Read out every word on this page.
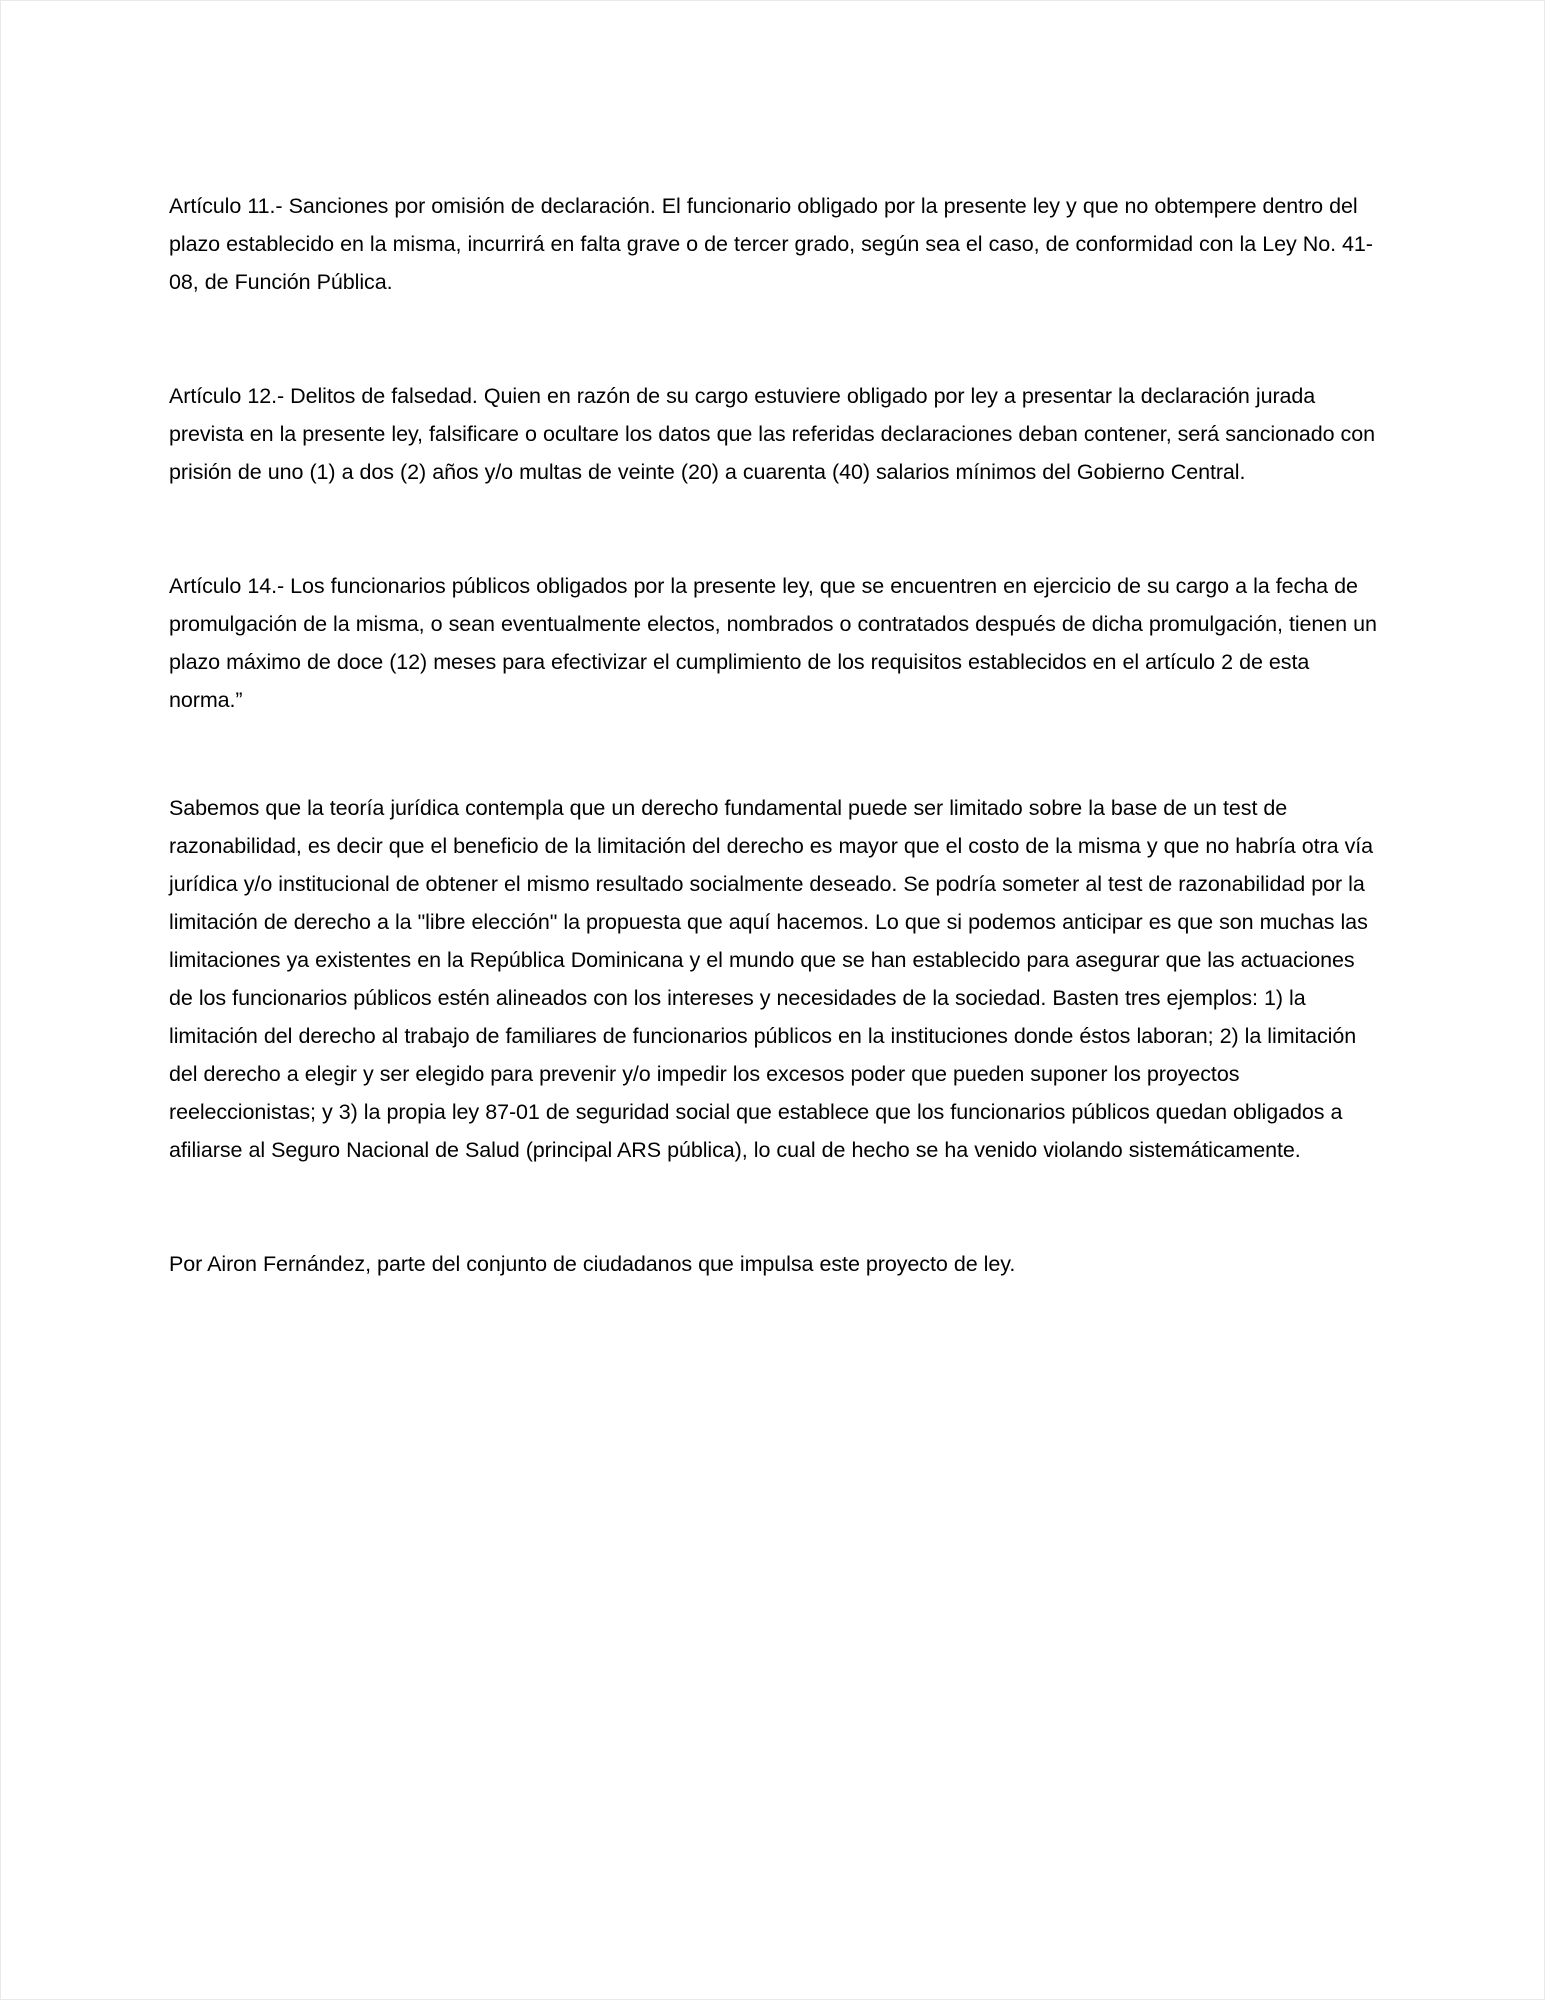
Artículo 11.- Sanciones por omisión de declaración. El funcionario obligado por la presente ley y que no obtempere dentro del plazo establecido en la misma, incurrirá en falta grave o de tercer grado, según sea el caso, de conformidad con la Ley No. 41-08, de Función Pública.

Artículo 12.- Delitos de falsedad. Quien en razón de su cargo estuviere obligado por ley a presentar la declaración jurada prevista en la presente ley, falsificare o ocultare los datos que las referidas declaraciones deban contener, será sancionado con prisión de uno (1) a dos (2) años y/o multas de veinte (20) a cuarenta (40) salarios mínimos del Gobierno Central.

Artículo 14.- Los funcionarios públicos obligados por la presente ley, que se encuentren en ejercicio de su cargo a la fecha de promulgación de la misma, o sean eventualmente electos, nombrados o contratados después de dicha promulgación, tienen un plazo máximo de doce (12) meses para efectivizar el cumplimiento de los requisitos establecidos en el artículo 2 de esta norma.”

Sabemos que la teoría jurídica contempla que un derecho fundamental puede ser limitado sobre la base de un test de razonabilidad, es decir que el beneficio de la limitación del derecho es mayor que el costo de la misma y que no habría otra vía jurídica y/o institucional de obtener el mismo resultado socialmente deseado. Se podría someter al test de razonabilidad por la limitación de derecho a la "libre elección" la propuesta que aquí hacemos. Lo que si podemos anticipar es que son muchas las limitaciones ya existentes en la República Dominicana y el mundo que se han establecido para asegurar que las actuaciones de los funcionarios públicos estén alineados con los intereses y necesidades de la sociedad. Basten tres ejemplos: 1) la limitación del derecho al trabajo de familiares de funcionarios públicos en la instituciones donde éstos laboran; 2) la limitación del derecho a elegir y ser elegido para prevenir y/o impedir los excesos poder que pueden suponer los proyectos reeleccionistas; y 3) la propia ley 87-01 de seguridad social que establece que los funcionarios públicos quedan obligados a afiliarse al Seguro Nacional de Salud (principal ARS pública), lo cual de hecho se ha venido violando sistemáticamente.

Por Airon Fernández, parte del conjunto de ciudadanos que impulsa este proyecto de ley.
